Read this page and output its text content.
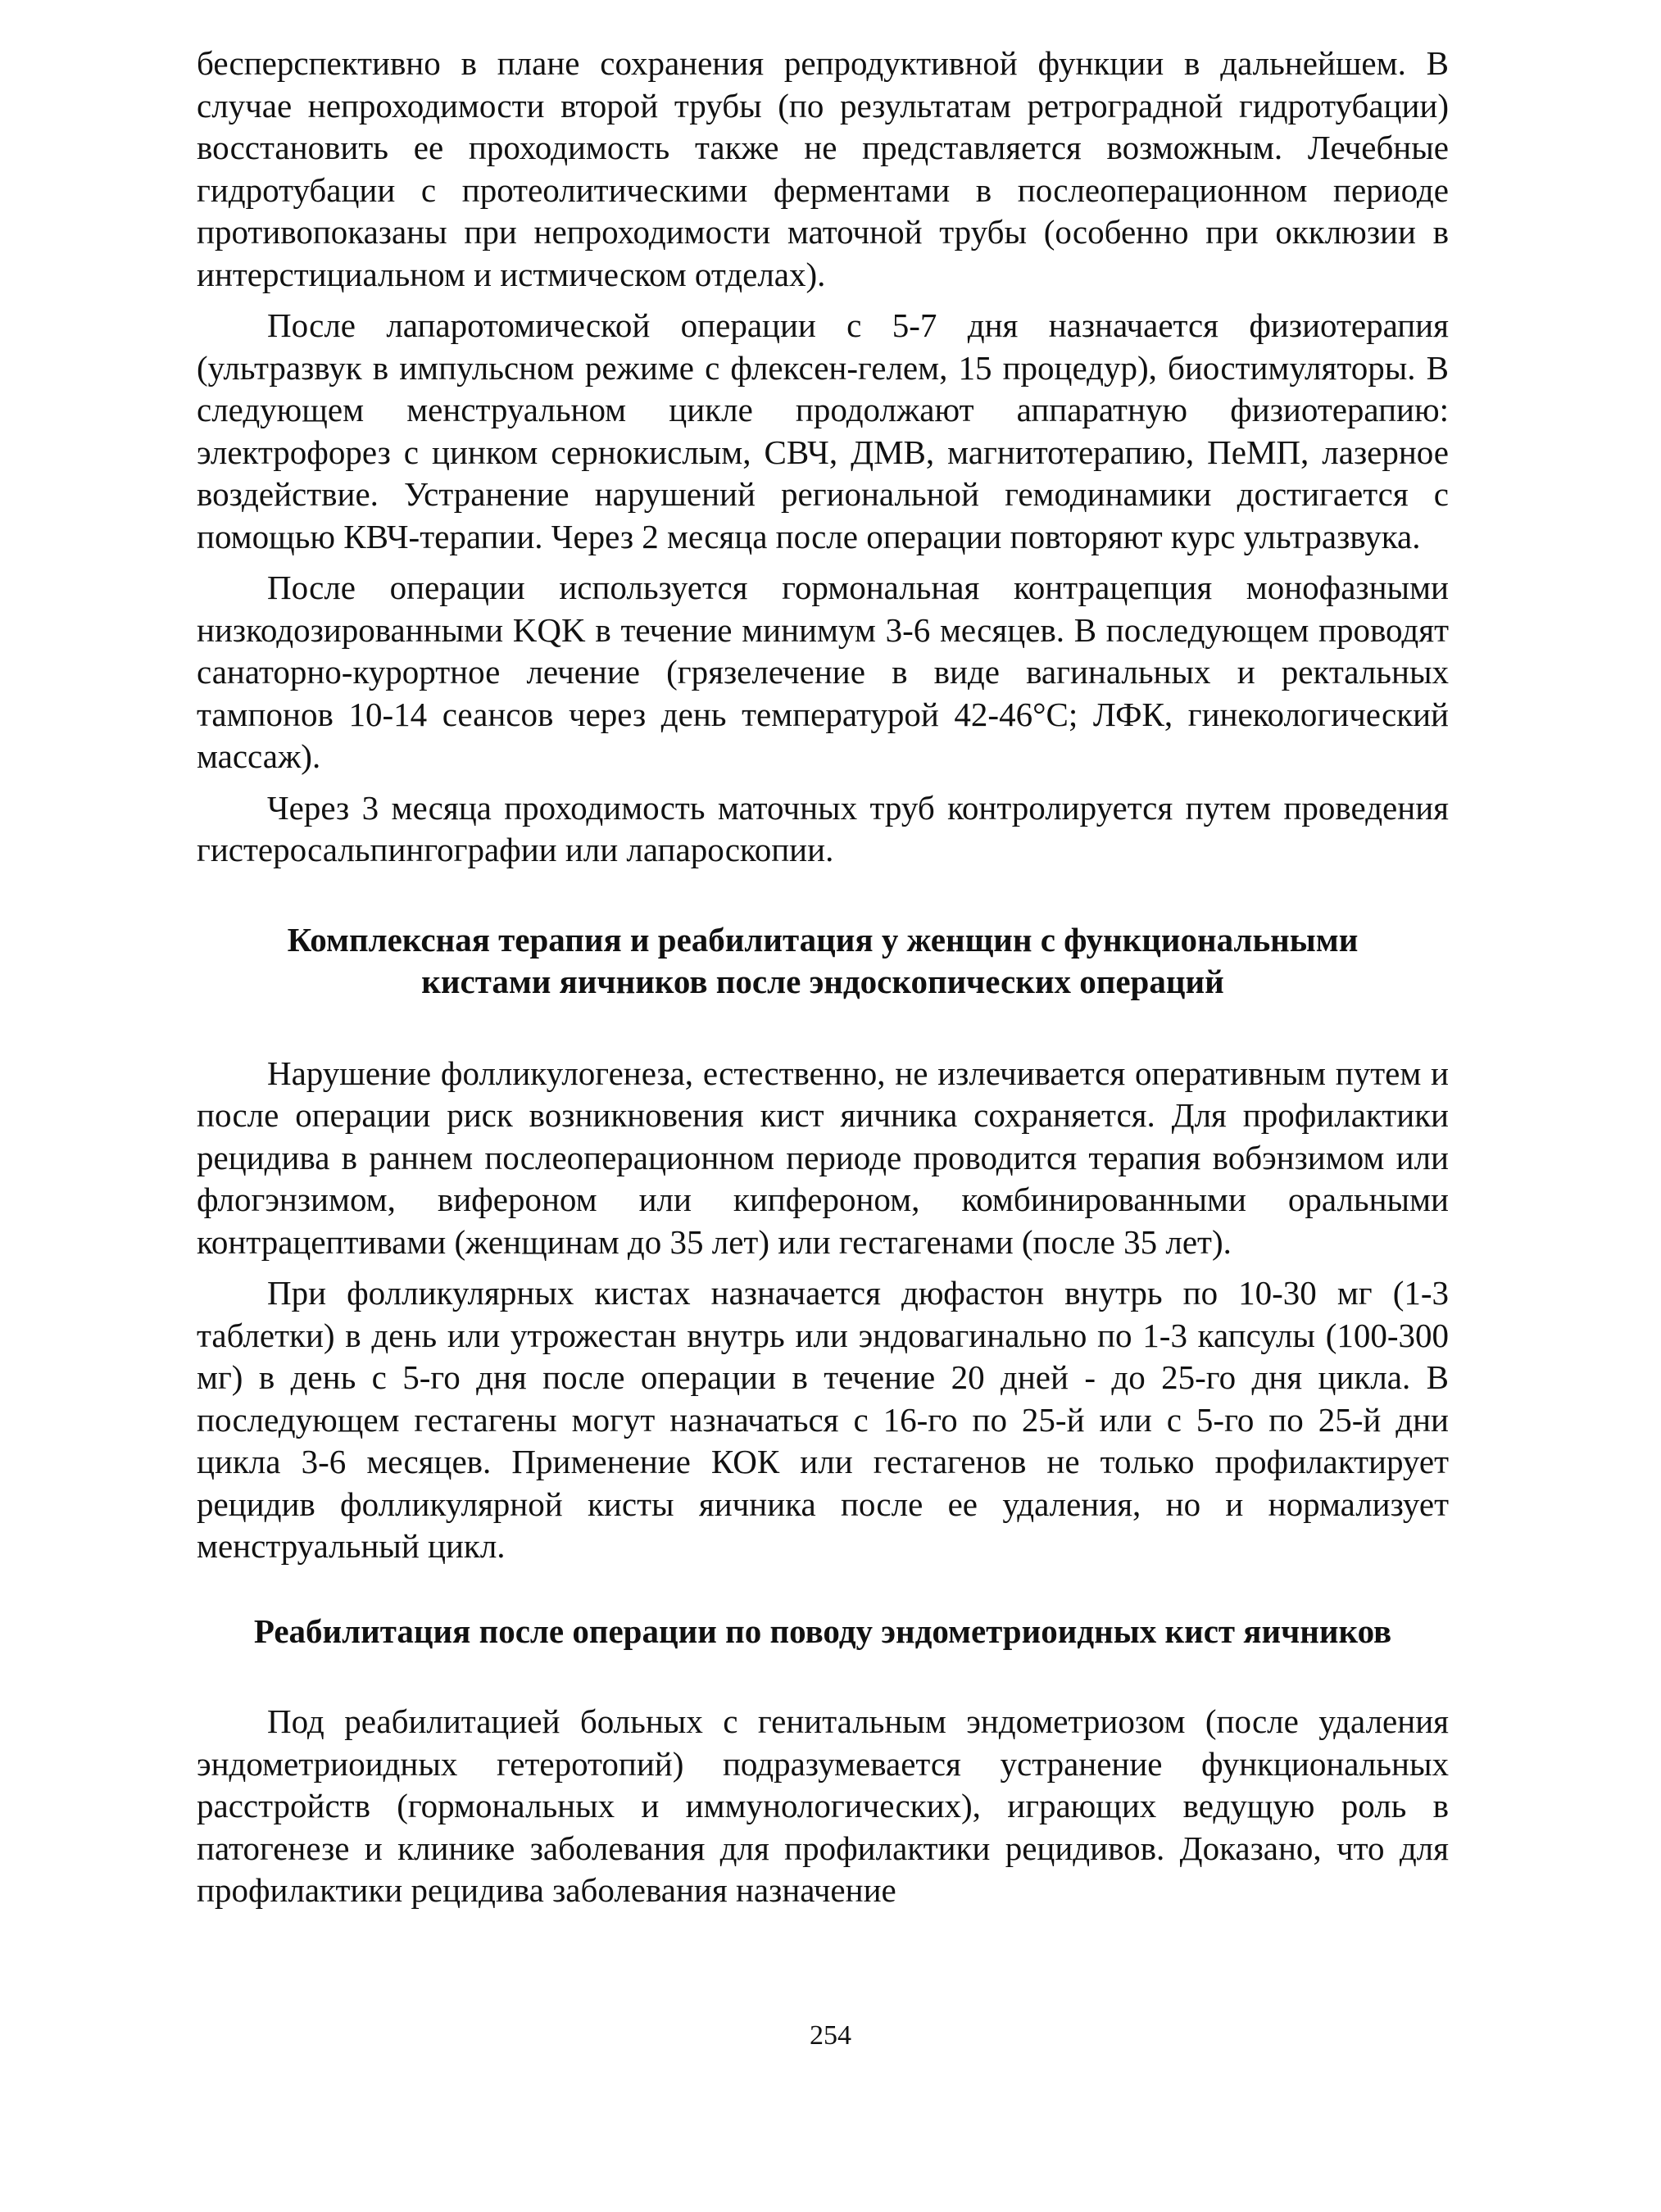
бесперспективно в плане сохранения репродуктивной функции в дальнейшем. В случае непроходимости второй трубы (по результатам ретроградной гидротубации) восстановить ее проходимость также не представляется возможным. Лечебные гидротубации с протеолитическими ферментами в послеоперационном периоде противопоказаны при непроходимости маточной трубы (особенно при окклюзии в интерстициальном и истмическом отделах).

После лапаротомической операции с 5-7 дня назначается физиотерапия (ультразвук в импульсном режиме с флексен-гелем, 15 процедур), биостимуляторы. В следующем менструальном цикле продолжают аппаратную физиотерапию: электрофорез с цинком сернокислым, СВЧ, ДМВ, магнитотерапию, ПеМП, лазерное воздействие. Устранение нарушений региональной гемодинамики достигается с помощью КВЧ-терапии. Через 2 месяца после операции повторяют курс ультразвука.

После операции используется гормональная контрацепция монофазными низкодозированными KQK в течение минимум 3-6 месяцев. В последующем проводят санаторно-курортное лечение (грязелечение в виде вагинальных и ректальных тампонов 10-14 сеансов через день температурой 42-46°С; ЛФК, гинекологический массаж).

Через 3 месяца проходимость маточных труб контролируется путем проведения гистеросальпингографии или лапароскопии.

Комплексная терапия и реабилитация у женщин с функциональными
кистами яичников после эндоскопических операций

Нарушение фолликулогенеза, естественно, не излечивается оперативным путем и после операции риск возникновения кист яичника сохраняется. Для профилактики рецидива в раннем послеоперационном периоде проводится терапия вобэнзимом или флогэнзимом, вифероном или кипфероном, комбинированными оральными контрацептивами (женщинам до 35 лет) или гестагенами (после 35 лет).

При фолликулярных кистах назначается дюфастон внутрь по 10-30 мг (1-3 таблетки) в день или утрожестан внутрь или эндовагинально по 1-3 капсулы (100-300 мг) в день с 5-го дня после операции в течение 20 дней - до 25-го дня цикла. В последующем гестагены могут назначаться с 16-го по 25-й или с 5-го по 25-й дни цикла 3-6 месяцев. Применение КОК или гестагенов не только профилактирует рецидив фолликулярной кисты яичника после ее удаления, но и нормализует менструальный цикл.

Реабилитация после операции по поводу эндометриоидных кист яичников

Под реабилитацией больных с генитальным эндометриозом (после удаления эндометриоидных гетеротопий) подразумевается устранение функциональных расстройств (гормональных и иммунологических), играющих ведущую роль в патогенезе и клинике заболевания для профилактики рецидивов. Доказано, что для профилактики рецидива заболевания назначение

254
